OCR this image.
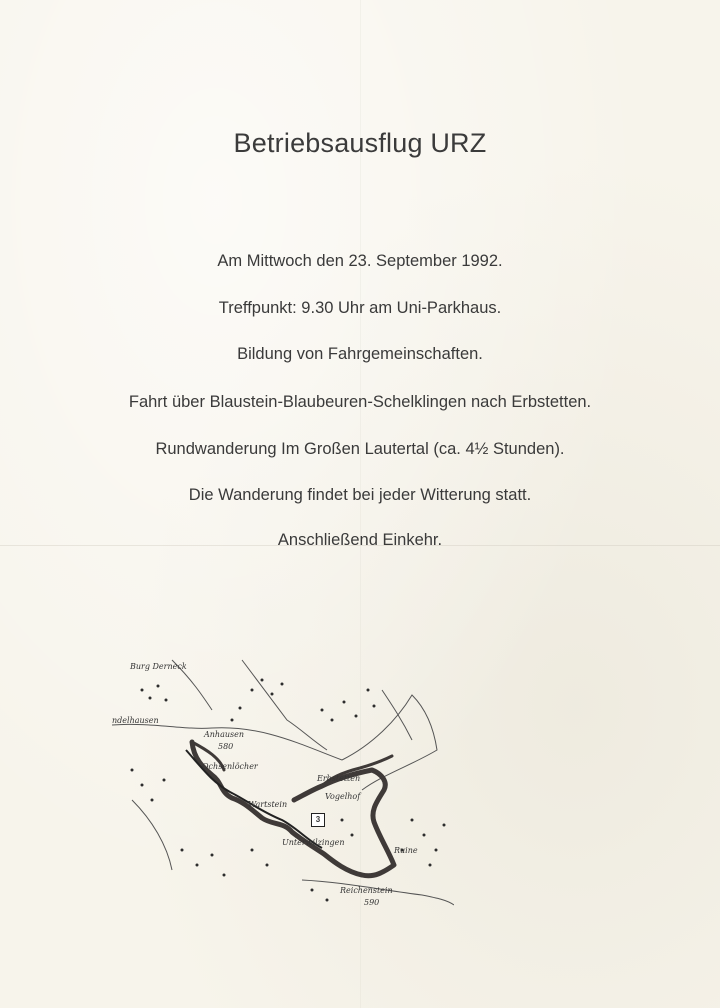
Betriebsausflug URZ
Am Mittwoch den 23. September 1992.
Treffpunkt: 9.30 Uhr am Uni-Parkhaus.
Bildung von Fahrgemeinschaften.
Fahrt über Blaustein-Blaubeuren-Schelklingen nach Erbstetten.
Rundwanderung Im Großen Lautertal (ca. 4½ Stunden).
Die Wanderung findet bei jeder Witterung statt.
Anschließend Einkehr.
Burg Derneck
ndelhausen
Anhausen
580
Ochsenlöcher
Erbstetten
Vogelhof
Wartstein
Unterwilzingen
Reichenstein
590
Ruine
3
